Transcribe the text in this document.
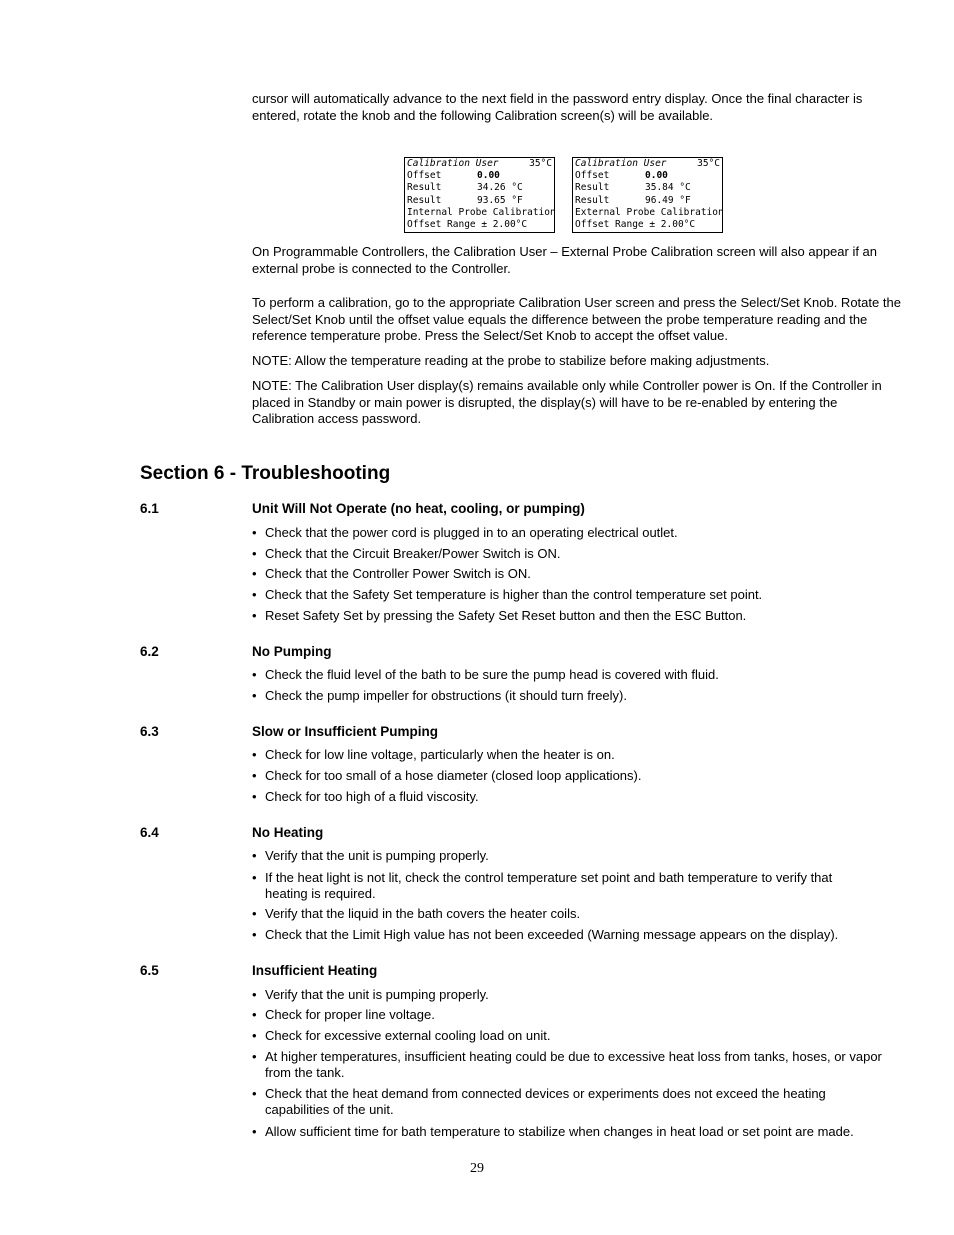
cursor will automatically advance to the next field in the password entry display. Once the final character is entered, rotate the knob and the following Calibration screen(s) will be available.

Calibration User	35°C
Offset	0.00
Result	34.26 °C
Result	93.65 °F
Internal Probe Calibration
Offset Range ± 2.00°C
Calibration User	35°C
Offset	0.00
Result	35.84 °C
Result	96.49 °F
External Probe Calibration
Offset Range ± 2.00°C

On Programmable Controllers, the Calibration User – External Probe Calibration screen will also appear if an external probe is connected to the Controller.

To perform a calibration, go to the appropriate Calibration User screen and press the Select/Set Knob. Rotate the Select/Set Knob until the offset value equals the difference between the probe temperature reading and the reference temperature probe. Press the Select/Set Knob to accept the offset value.

NOTE: Allow the temperature reading at the probe to stabilize before making adjustments.

NOTE: The Calibration User display(s) remains available only while Controller power is On. If the Controller in placed in Standby or main power is disrupted, the display(s) will have to be re-enabled by entering the Calibration access password.

Section 6 - Troubleshooting
6.1	Unit Will Not Operate (no heat, cooling, or pumping)
• Check that the power cord is plugged in to an operating electrical outlet.
• Check that the Circuit Breaker/Power Switch is ON.
• Check that the Controller Power Switch is ON.
• Check that the Safety Set temperature is higher than the control temperature set point.
• Reset Safety Set by pressing the Safety Set Reset button and then the ESC Button.
6.2	No Pumping
• Check the fluid level of the bath to be sure the pump head is covered with fluid.
• Check the pump impeller for obstructions (it should turn freely).
6.3	Slow or Insufficient Pumping
• Check for low line voltage, particularly when the heater is on.
• Check for too small of a hose diameter (closed loop applications).
• Check for too high of a fluid viscosity.
6.4	No Heating
• Verify that the unit is pumping properly.
• If the heat light is not lit, check the control temperature set point and bath temperature to verify that heating is required.
• Verify that the liquid in the bath covers the heater coils.
• Check that the Limit High value has not been exceeded (Warning message appears on the display).
6.5	Insufficient Heating
• Verify that the unit is pumping properly.
• Check for proper line voltage.
• Check for excessive external cooling load on unit.
• At higher temperatures, insufficient heating could be due to excessive heat loss from tanks, hoses, or vapor from the tank.
• Check that the heat demand from connected devices or experiments does not exceed the heating capabilities of the unit.
• Allow sufficient time for bath temperature to stabilize when changes in heat load or set point are made.
29
